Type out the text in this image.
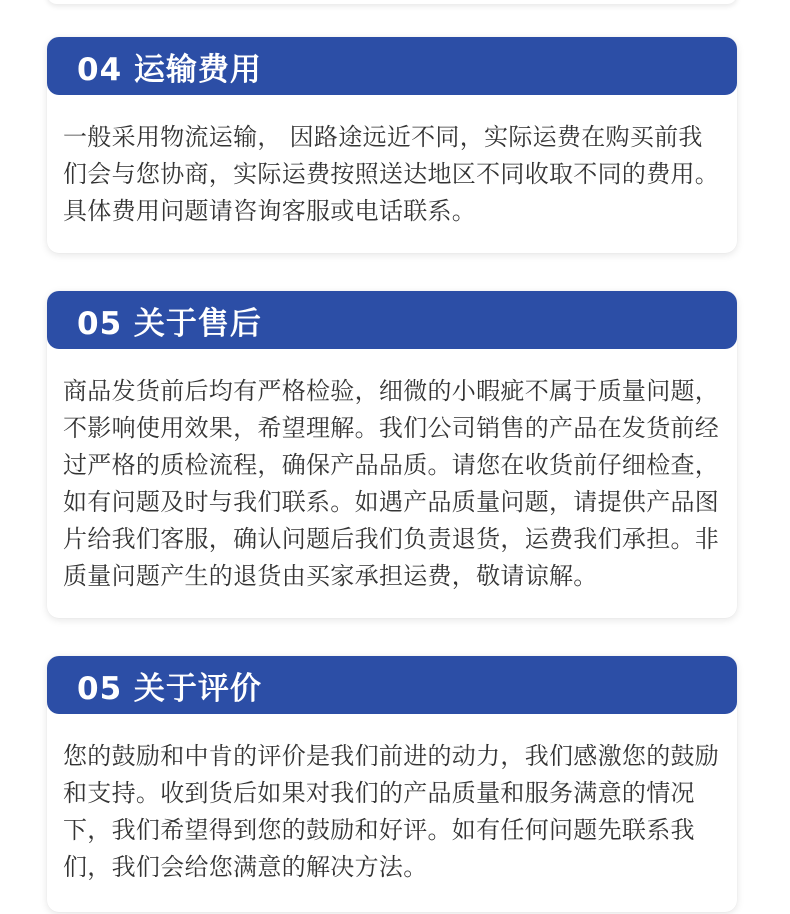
04 运输费用
一般采用物流运输， 因路途远近不同，实际运费在购买前我们会与您协商，实际运费按照送达地区不同收取不同的费用。具体费用问题请咨询客服或电话联系。
05 关于售后
商品发货前后均有严格检验，细微的小暇疵不属于质量问题，不影响使用效果，希望理解。我们公司销售的产品在发货前经过严格的质检流程，确保产品品质。请您在收货前仔细检查，如有问题及时与我们联系。如遇产品质量问题，请提供产品图片给我们客服，确认问题后我们负责退货，运费我们承担。非质量问题产生的退货由买家承担运费，敬请谅解。
05 关于评价
您的鼓励和中肯的评价是我们前进的动力，我们感激您的鼓励和支持。收到货后如果对我们的产品质量和服务满意的情况下，我们希望得到您的鼓励和好评。如有任何问题先联系我们，我们会给您满意的解决方法。
